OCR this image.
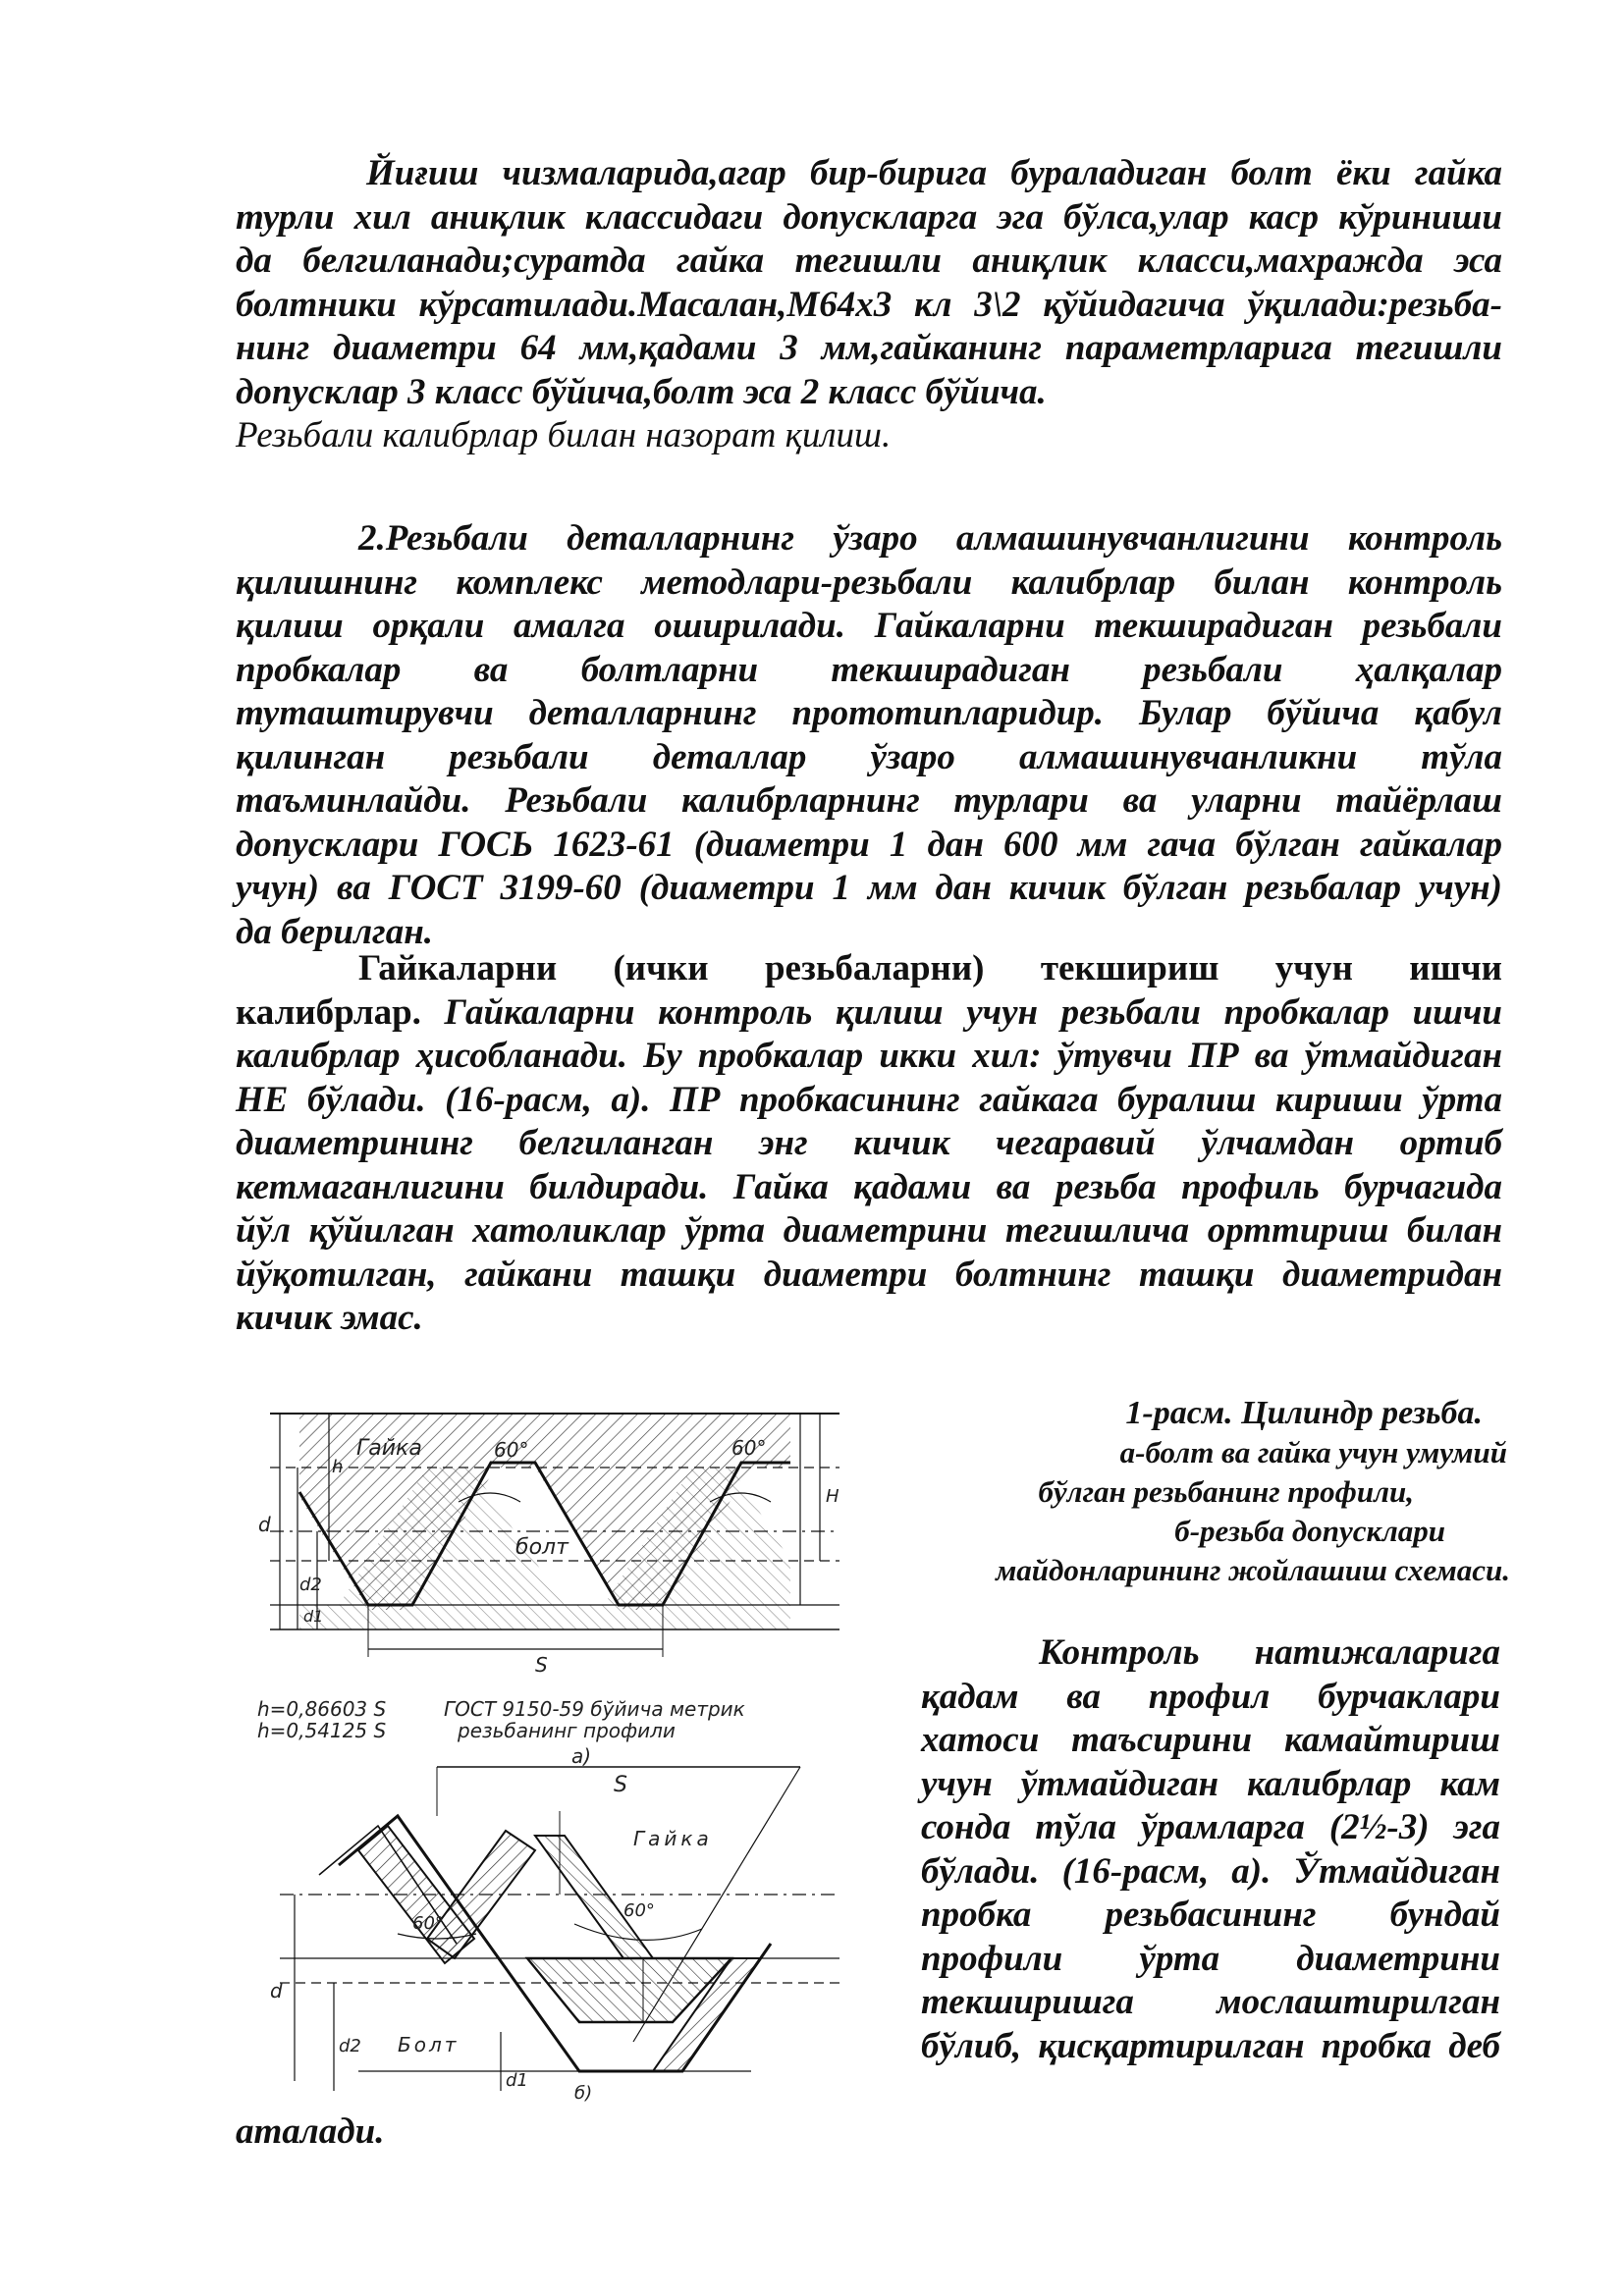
Йиғиш чизмаларида,агар бир-бирига бураладиган болт ёки гайка

турли хил аниқлик классидаги допускларга эга бўлса,улар каср кўриниши

да белгиланади;суратда гайка тегишли аниқлик класси,махражда эса

болтники кўрсатилади.Масалан,М64х3 кл 3\2 қўйидагича ўқилади:резьба-

нинг диаметри 64 мм,қадами 3 мм,гайканинг параметрларига тегишли

допусклар 3 класс бўйича,болт эса 2 класс бўйича.

Резьбали калибрлар билан назорат қилиш.

2.Резьбали деталларнинг ўзаро алмашинувчанлигини контроль

қилишнинг комплекс методлари-резьбали калибрлар билан контроль

қилиш орқали амалга оширилади. Гайкаларни текширадиган резьбали

пробкалар ва болтларни текширадиган резьбали ҳалқалар

туташтирувчи деталларнинг прототипларидир. Булар бўйича қабул

қилинган резьбали деталлар ўзаро алмашинувчанликни тўла

таъминлайди. Резьбали калибрларнинг турлари ва уларни тайёрлаш

допусклари ГОСЬ 1623-61 (диаметри 1 дан 600 мм гача бўлган гайкалар

учун) ва ГОСТ 3199-60 (диаметри 1 мм дан кичик бўлган резьбалар учун)

да берилган.

Гайкаларни (ички резьбаларни) текшириш учун ишчи

калибрлар. Гайкаларни контроль қилиш учун резьбали пробкалар ишчи

калибрлар ҳисобланади. Бу пробкалар икки хил: ўтувчи ПР ва ўтмайдиган

НЕ бўлади. (16-расм, а). ПР пробкасининг гайкага буралиш кириши ўрта

диаметрининг белгиланган энг кичик чегаравий ўлчамдан ортиб

кетмаганлигини билдиради. Гайка қадами ва резьба профиль бурчагида

йўл қўйилган хатоликлар ўрта диаметрини тегишлича орттириш билан

йўқотилган, гайкани ташқи диаметри болтнинг ташқи диаметридан

кичик эмас.

1-расм. Цилиндр резьба.
а-болт ва гайка учун умумий
бўлган резьбанинг профили,
б-резьба допусклари
майдонларининг жойлашиш схемаси.
Гайка	60°	60°
болт
S
d
d2
d1
h
H
h=0,86603 S
h=0,54125 S
ГОСТ 9150-59 бўйича метрик
резьбанинг профили
а)
S
Гайка
60°
60°
d
d2
d1
Болт
б)

Контроль натижаларига

қадам ва профил бурчаклари

хатоси таъсирини камайтириш

учун ўтмайдиган калибрлар кам

сонда тўла ўрамларга (2½-3) эга

бўлади. (16-расм, а). Ўтмайдиган

пробка резьбасининг бундай

профили ўрта диаметрини

текширишга мослаштирилган

бўлиб, қисқартирилган пробка деб

аталади.
